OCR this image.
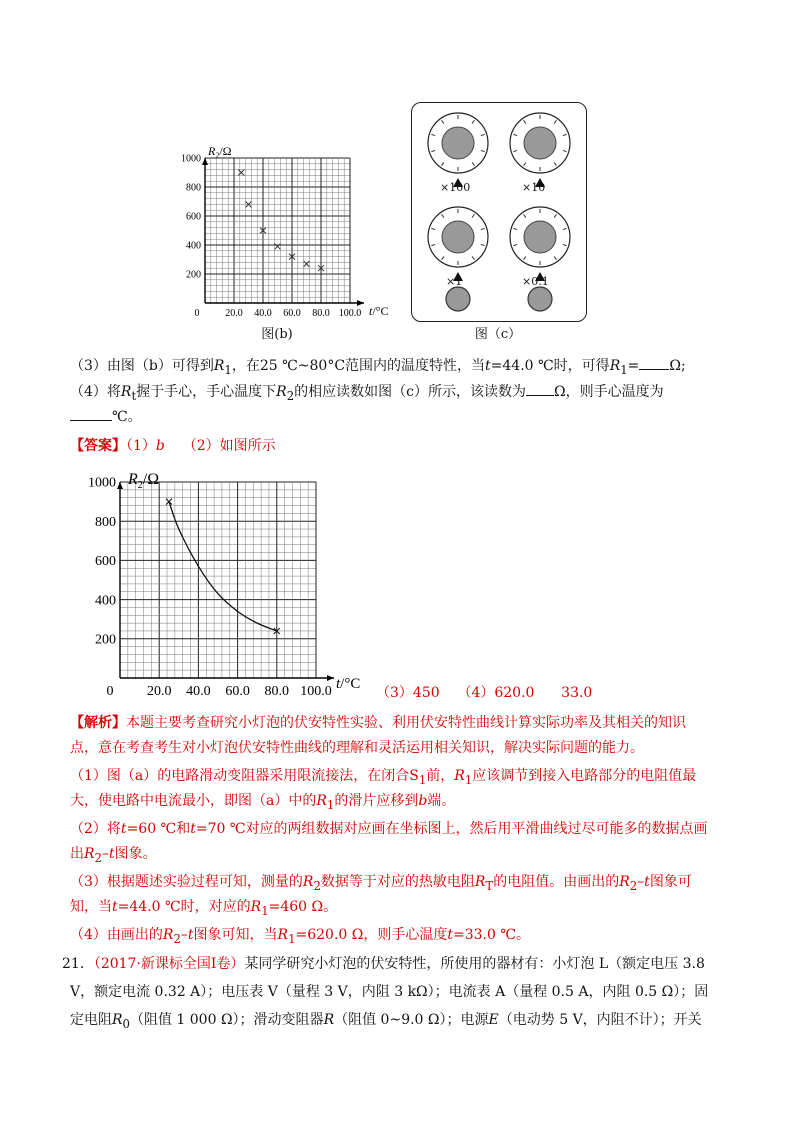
0	20.0 40.0 60.0 80.0 100.0
200
400
600
800
1000
$R_2/\Omega$
t/°C
图(b)
×100	×10
×1	×0.1
图（c）
（3）由图（b）可得到$R_1$，在25 ℃~80°C范围内的温度特性，当t=44.0 ℃时，可得$R_1= \Omega$;
（4）将$R_t$握于手心，手心温度下$R_2$的相应读数如图（c）所示，该读数为 Ω，则手心温度为
℃。
【答案】（1）b （2）如图所示
0 20.0 40.0 60.0 80.0 100.0
200
400
600
800
1000 $R_2/\Omega$
t/°C
（3）450 （4）620.0 33.0
【解析】本题主要考查研究小灯泡的伏安特性实验、利用伏安特性曲线计算实际功率及其相关的知识
点，意在考查考生对小灯泡伏安特性曲线的理解和灵活运用相关知识，解决实际问题的能力。
（1）图（a）的电路滑动变阻器采用限流接法，在闭合$S_1$前，$R_1$应该调节到接入电路部分的电阻值最
大，使电路中电流最小，即图（a）中的$R_1$的滑片应移到b端。
（2）将t=60 ℃和t=70 ℃对应的两组数据对应画在坐标图上，然后用平滑曲线过尽可能多的数据点画
出$R_2-t$图象。
（3）根据题述实验过程可知，测量的$R_2$数据等于对应的热敏电阻$R_T$的电阻值。由画出的$R_2-t$图象可
知，当t=44.0 ℃时，对应的$R_1=460$ Ω。
（4）由画出的$R_2-t$图象可知，当$R_1=620.0$ Ω，则手心温度t=33.0 ℃。
21．（2017·新课标全国Ⅰ卷）某同学研究小灯泡的伏安特性，所使用的器材有：小灯泡 L（额定电压 3.8
V，额定电流 0.32 A）；电压表 V（量程 3 V，内阻 3 kΩ）；电流表 A（量程 0.5 A，内阻 0.5 Ω）；固
定电阻$R_0$（阻值 1 000 Ω）；滑动变阻器R（阻值 0~9.0 Ω）；电源E（电动势 5 V，内阻不计）；开关
